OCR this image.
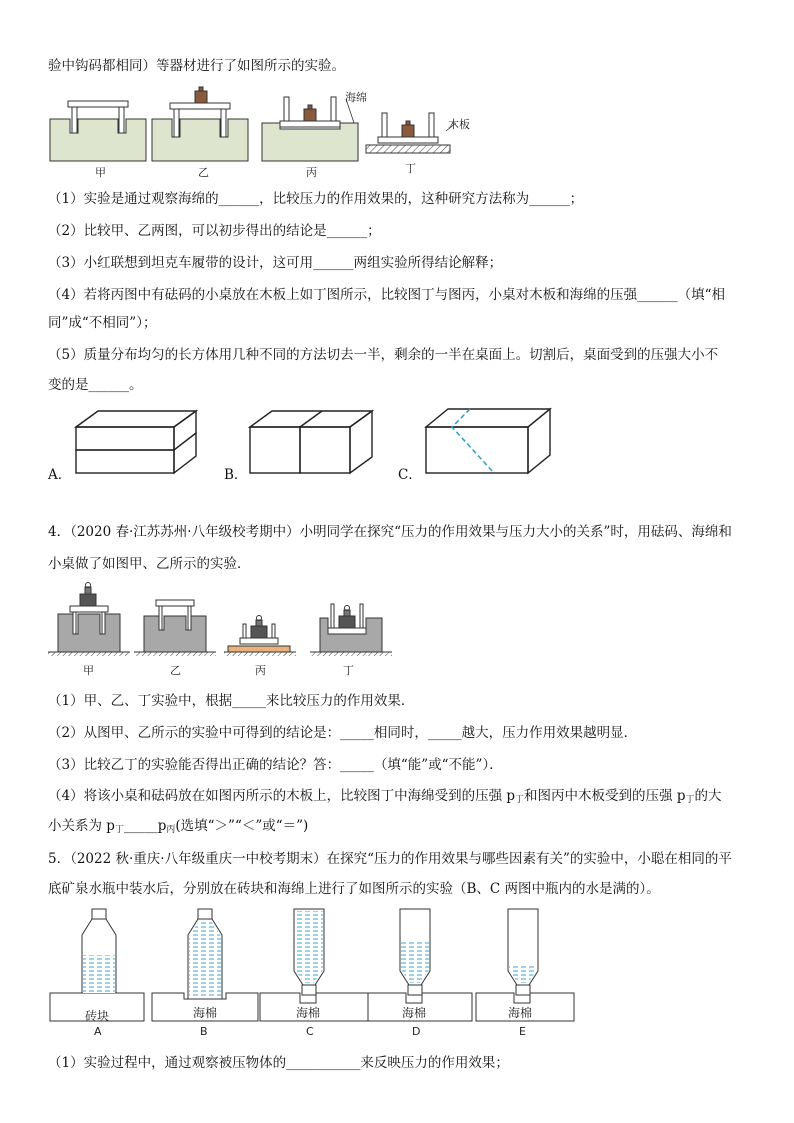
验中钩码都相同）等器材进行了如图所示的实验。
海绵
木板
甲	乙	丙	丁
（1）实验是通过观察海绵的______，比较压力的作用效果的，这种研究方法称为______；
（2）比较甲、乙两图，可以初步得出的结论是______；
（3）小红联想到坦克车履带的设计，这可用______两组实验所得结论解释；
（4）若将丙图中有砝码的小桌放在木板上如丁图所示，比较图丁与图丙，小桌对木板和海绵的压强______（填“相
同”成“不相同”）；
（5）质量分布均匀的长方体用几种不同的方法切去一半，剩余的一半在桌面上。切割后，桌面受到的压强大小不
变的是______。
A．	B．	C．
4．（2020 春·江苏苏州·八年级校考期中）小明同学在探究“压力的作用效果与压力大小的关系”时，用砝码、海绵和
小桌做了如图甲、乙所示的实验．
甲	乙	丙	丁
（1）甲、乙、丁实验中，根据_____来比较压力的作用效果．
（2）从图甲、乙所示的实验中可得到的结论是：_____相同时，_____越大，压力作用效果越明显．
（3）比较乙丁的实验能否得出正确的结论？答：_____（填“能”或“不能”）．
（4）将该小桌和砝码放在如图丙所示的木板上，比较图丁中海绵受到的压强 $p_丁$和图丙中木板受到的压强 $p_丁$的大
小关系为 $p_丁\_\_\_\_\_p_丙$(选填“＞”“＜”或“＝”)
5．（2022 秋·重庆·八年级重庆一中校考期末）在探究“压力的作用效果与哪些因素有关”的实验中，小聪在相同的平
底矿泉水瓶中装水后，分别放在砖块和海绵上进行了如图所示的实验（B、C 两图中瓶内的水是满的）。
砖块	海棉	海棉	海棉	海棉
A	B	C	D	E
（1）实验过程中，通过观察被压物体的___________来反映压力的作用效果；
